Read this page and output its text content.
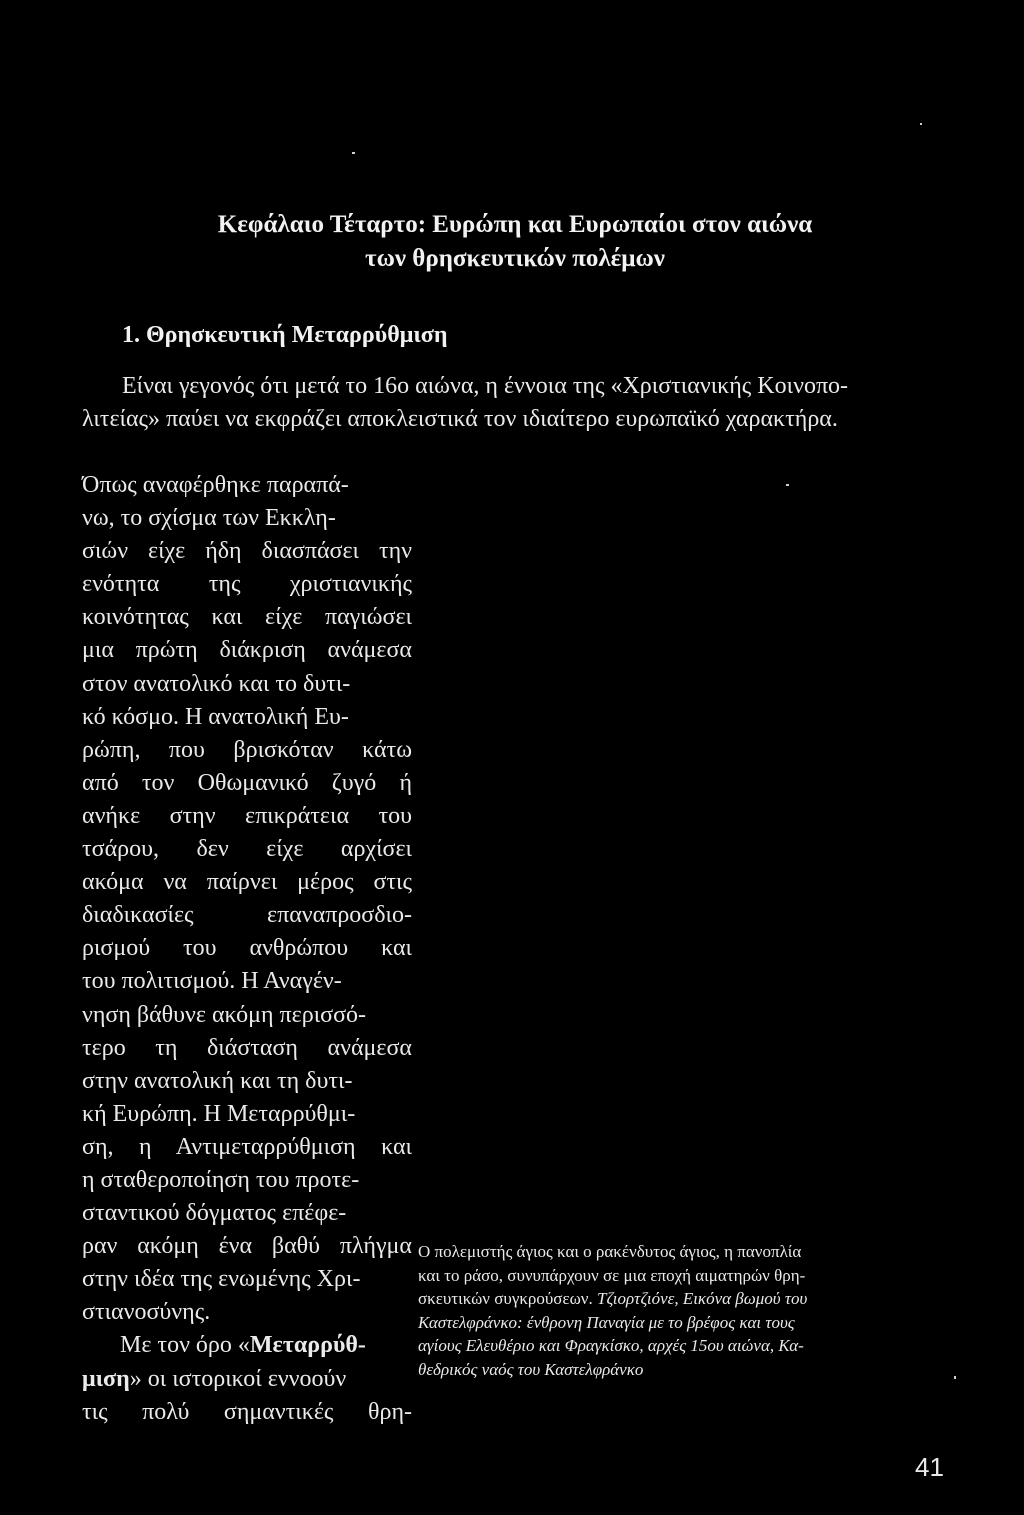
Κεφάλαιο Τέταρτο: Ευρώπη και Ευρωπαίοι στον αιώνα
των θρησκευτικών πολέμων
1. Θρησκευτική Μεταρρύθμιση
Είναι γεγονός ότι μετά το 16ο αιώνα, η έννοια της «Χριστιανικής Κοινοπο-
λιτείας» παύει να εκφράζει αποκλειστικά τον ιδιαίτερο ευρωπαϊκό χαρακτήρα.
Όπως αναφέρθηκε παραπά-
νω, το σχίσμα των Εκκλη-
σιών είχε ήδη διασπάσει την
ενότητα της χριστιανικής
κοινότητας και είχε παγιώσει
μια πρώτη διάκριση ανάμεσα
στον ανατολικό και το δυτι-
κό κόσμο. Η ανατολική Ευ-
ρώπη, που βρισκόταν κάτω
από τον Οθωμανικό ζυγό ή
ανήκε στην επικράτεια του
τσάρου, δεν είχε αρχίσει
ακόμα να παίρνει μέρος στις
διαδικασίες επαναπροσδιο-
ρισμού του ανθρώπου και
του πολιτισμού. Η Αναγέν-
νηση βάθυνε ακόμη περισσό-
τερο τη διάσταση ανάμεσα
στην ανατολική και τη δυτι-
κή Ευρώπη. Η Μεταρρύθμι-
ση, η Αντιμεταρρύθμιση και
η σταθεροποίηση του προτε-
σταντικού δόγματος επέφε-
ραν ακόμη ένα βαθύ πλήγμα
στην ιδέα της ενωμένης Χρι-
στιανοσύνης.
Με τον όρο «Μεταρρύθ-
μιση» οι ιστορικοί εννοούν
τις πολύ σημαντικές θρη-
Ο πολεμιστής άγιος και ο ρακένδυτος άγιος, η πανοπλία
και το ράσο, συνυπάρχουν σε μια εποχή αιματηρών θρη-
σκευτικών συγκρούσεων. Τζιορτζιόνε, Εικόνα βωμού του
Καστελφράνκο: ένθρονη Παναγία με το βρέφος και τους
αγίους Ελευθέριο και Φραγκίσκο, αρχές 15ου αιώνα, Κα-
θεδρικός ναός του Καστελφράνκο
41
